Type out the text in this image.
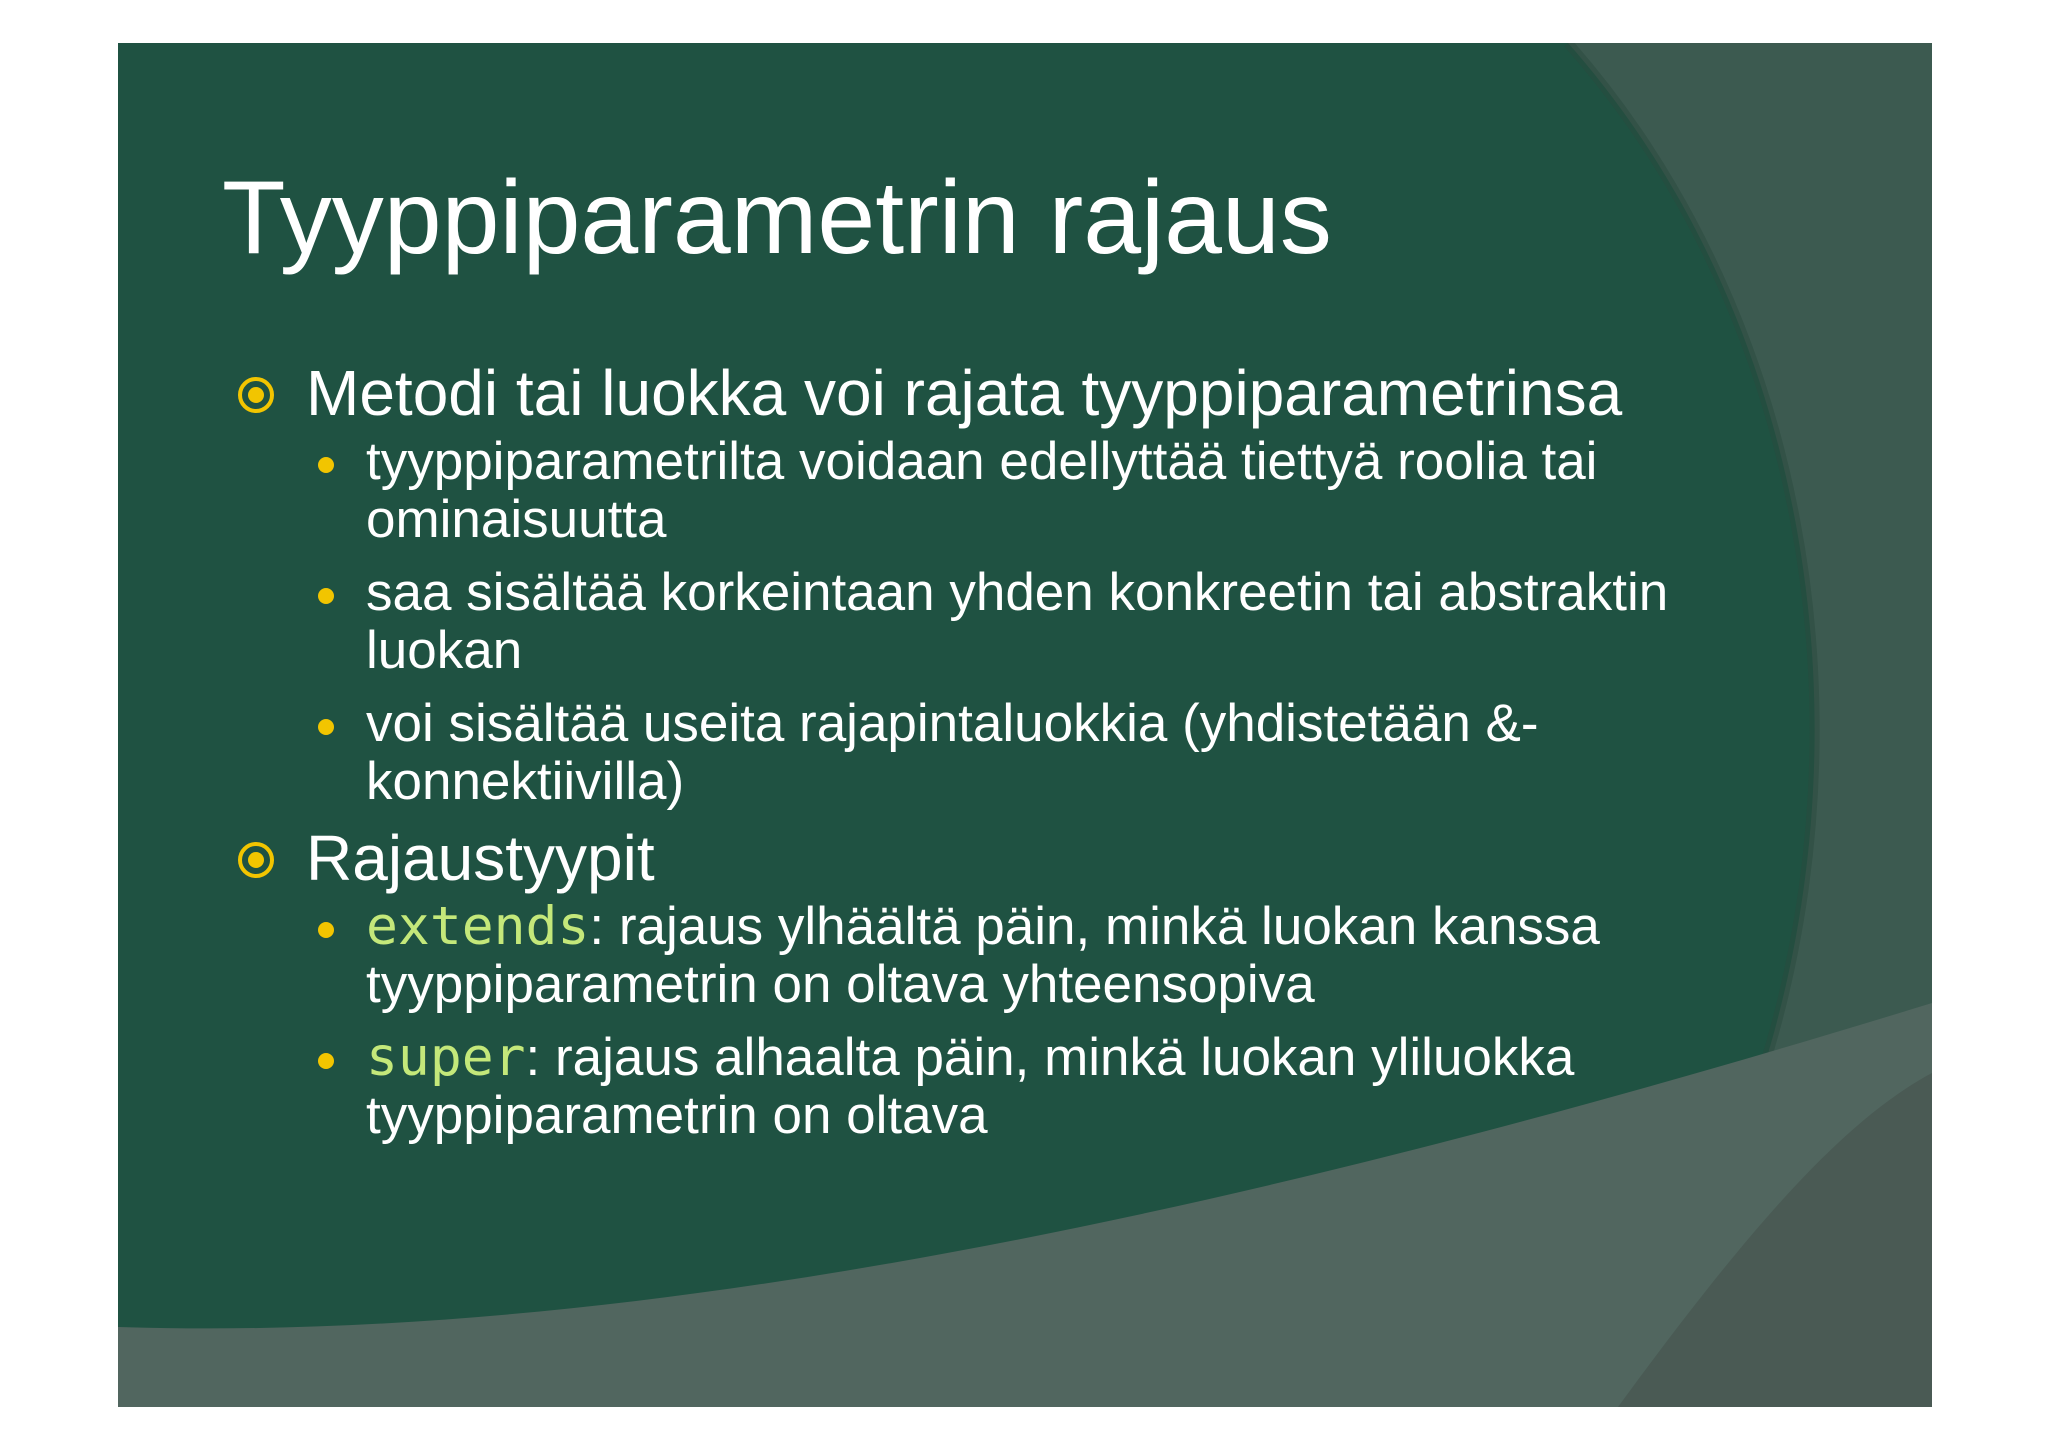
Tyyppiparametrin rajaus
Metodi tai luokka voi rajata tyyppiparametrinsa
tyyppiparametrilta voidaan edellyttää tiettyä roolia tai ominaisuutta
saa sisältää korkeintaan yhden konkreetin tai abstraktin luokan
voi sisältää useita rajapintaluokkia (yhdistetään &-konnektiivilla)
Rajaustyypit
extends: rajaus ylhäältä päin, minkä luokan kanssa tyyppiparametrin on oltava yhteensopiva
super: rajaus alhaalta päin, minkä luokan yliluokka tyyppiparametrin on oltava
